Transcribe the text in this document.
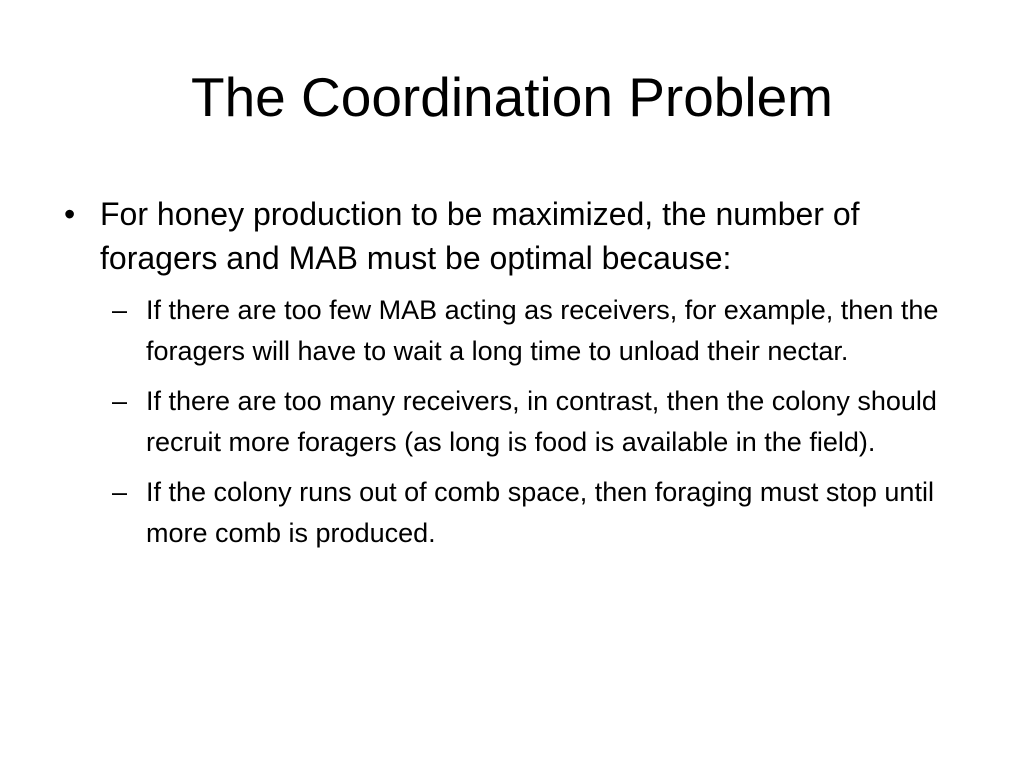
The Coordination Problem
• For honey production to be maximized, the number of foragers and MAB must be optimal because:
– If there are too few MAB acting as receivers, for example, then the foragers will have to wait a long time to unload their nectar.
– If there are too many receivers, in contrast, then the colony should recruit more foragers (as long is food is available in the field).
– If the colony runs out of comb space, then foraging must stop until more comb is produced.
